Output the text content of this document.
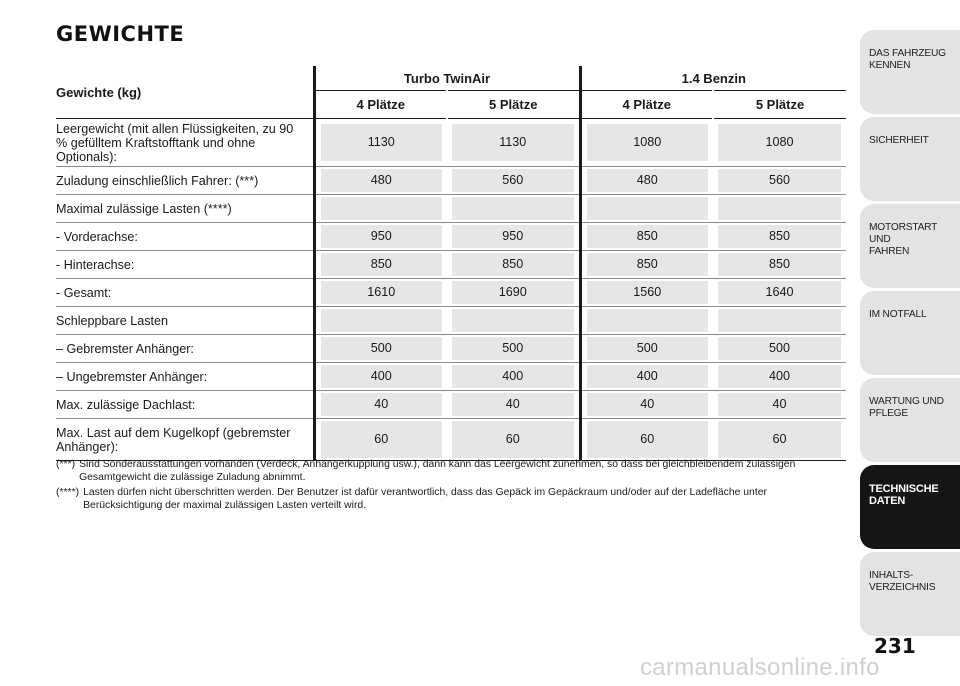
GEWICHTE
Gewichte (kg)	Turbo TwinAir		1.4 Benzin	
	4 Plätze	5 Plätze	4 Plätze	5 Plätze
Leergewicht (mit allen Flüssigkeiten, zu 90 % gefülltem Kraftstofftank und ohne Optionals):	1130	1130	1080	1080

Zuladung einschließlich Fahrer: (***)	480	560	480	560

Maximal zulässige Lasten (****)	

- Vorderachse:	950	950	850	850

- Hinterachse:	850	850	850	850

- Gesamt:	1610	1690	1560	1640

Schleppbare Lasten	

– Gebremster Anhänger:	500	500	500	500

– Ungebremster Anhänger:	400	400	400	400

Max. zulässige Dachlast:	40	40	40	40

Max. Last auf dem Kugelkopf (gebremster Anhänger):	60	60	60	60
(***) Sind Sonderausstattungen vorhanden (Verdeck, Anhängerkupplung usw.), dann kann das Leergewicht zunehmen, so dass bei gleichbleibendem zulässigen Gesamtgewicht die zulässige Zuladung abnimmt.
(****) Lasten dürfen nicht überschritten werden. Der Benutzer ist dafür verantwortlich, dass das Gepäck im Gepäckraum und/oder auf der Ladefläche unter Berücksichtigung der maximal zulässigen Lasten verteilt wird.
DAS FAHRZEUG
KENNEN
SICHERHEIT
MOTORSTART UND
FAHREN
IM NOTFALL
WARTUNG UND
PFLEGE
TECHNISCHE
DATEN
INHALTS-
VERZEICHNIS
231
carmanualsonline.info
